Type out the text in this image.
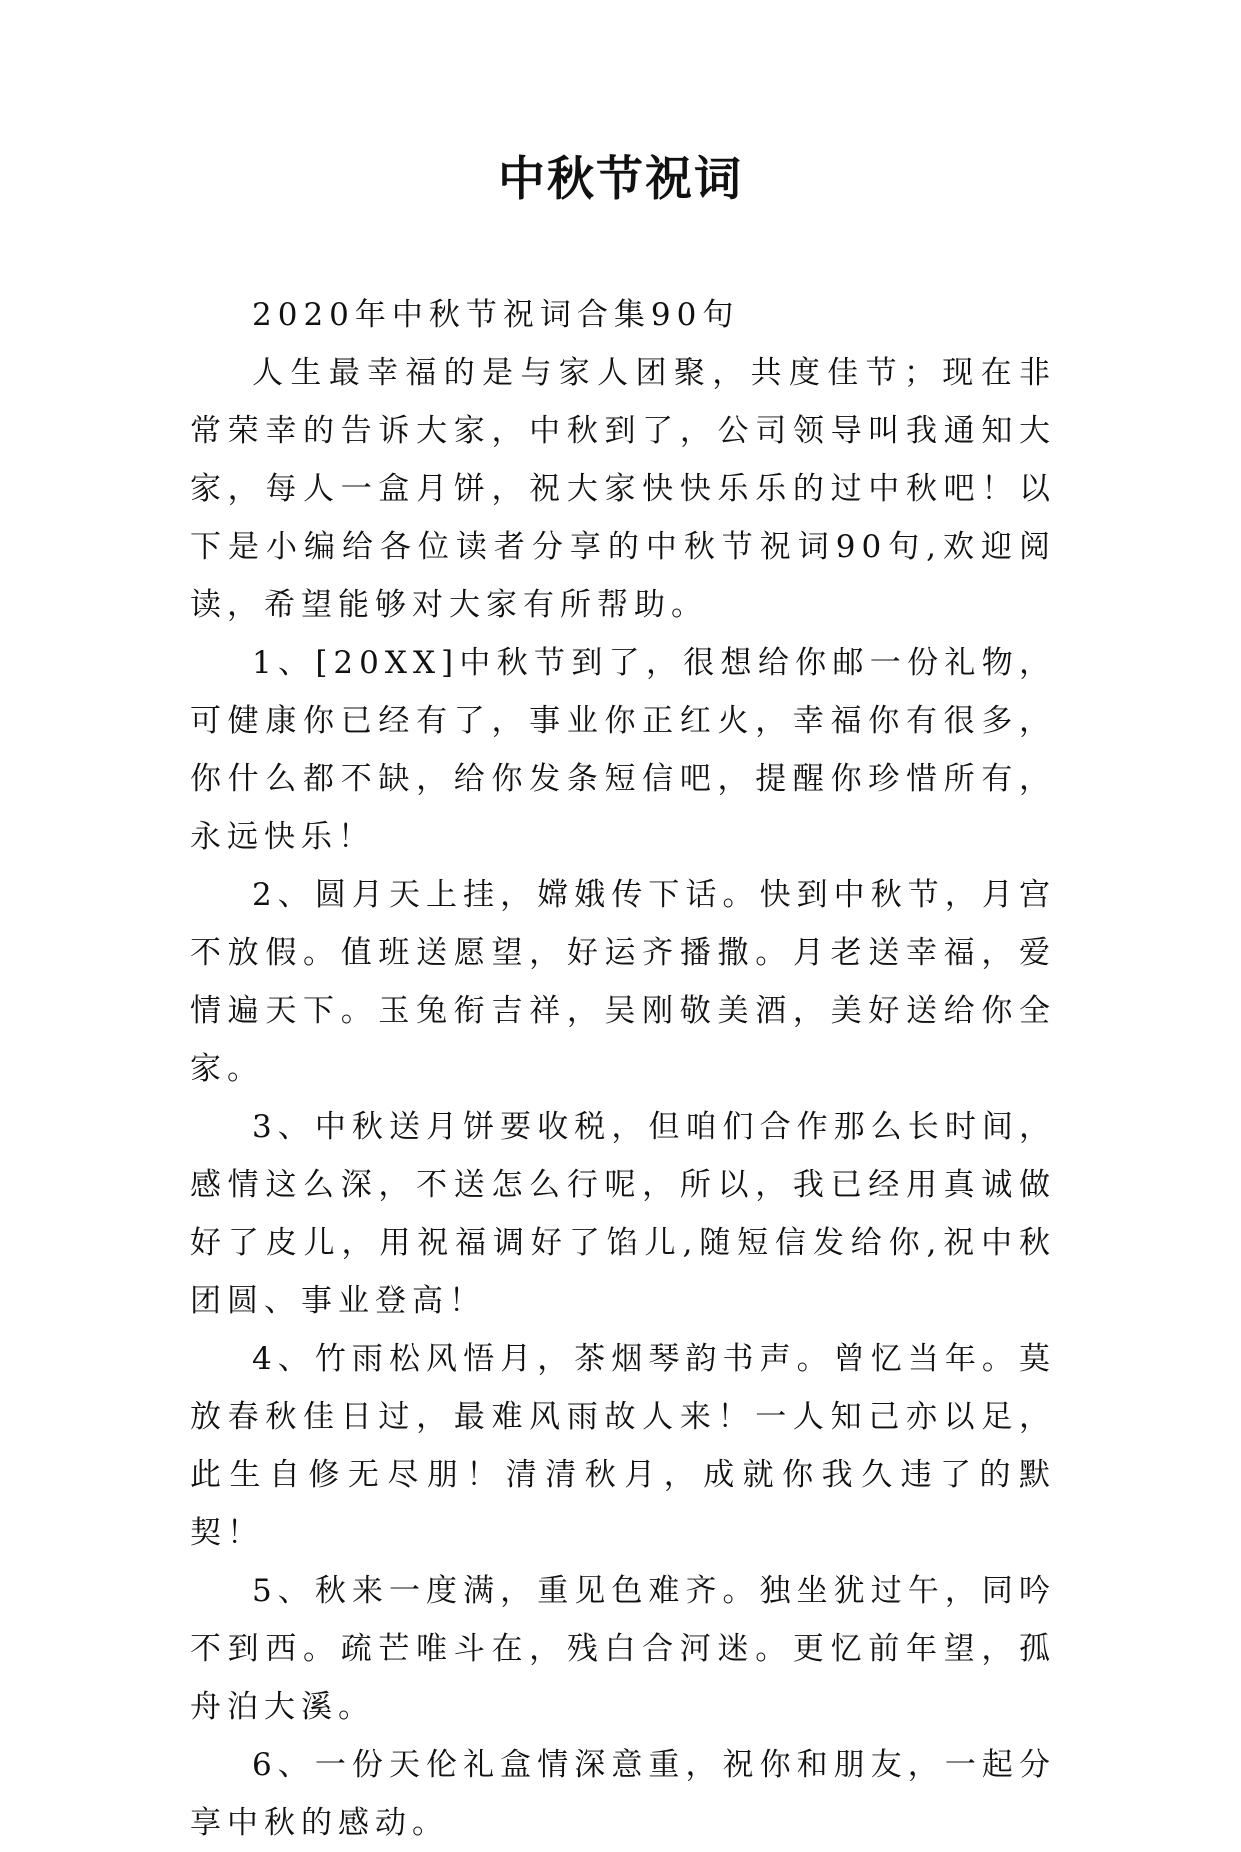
中秋节祝词

2020年中秋节祝词合集90句

人生最幸福的是与家人团聚，共度佳节；现在非常荣幸的告诉大家，中秋到了，公司领导叫我通知大家，每人一盒月饼，祝大家快快乐乐的过中秋吧！以下是小编给各位读者分享的中秋节祝词90句,欢迎阅读，希望能够对大家有所帮助。

1、[20XX]中秋节到了，很想给你邮一份礼物，可健康你已经有了，事业你正红火，幸福你有很多，你什么都不缺，给你发条短信吧，提醒你珍惜所有，永远快乐！

2、圆月天上挂，嫦娥传下话。快到中秋节，月宫不放假。值班送愿望，好运齐播撒。月老送幸福，爱情遍天下。玉兔衔吉祥，吴刚敬美酒，美好送给你全家。

3、中秋送月饼要收税，但咱们合作那么长时间，感情这么深，不送怎么行呢，所以，我已经用真诚做好了皮儿，用祝福调好了馅儿,随短信发给你,祝中秋团圆、事业登高！

4、竹雨松风悟月，茶烟琴韵书声。曾忆当年。莫放春秋佳日过，最难风雨故人来！一人知己亦以足，此生自修无尽朋！清清秋月，成就你我久违了的默契！

5、秋来一度满，重见色难齐。独坐犹过午，同吟不到西。疏芒唯斗在，残白合河迷。更忆前年望，孤舟泊大溪。

6、一份天伦礼盒情深意重，祝你和朋友，一起分享中秋的感动。
